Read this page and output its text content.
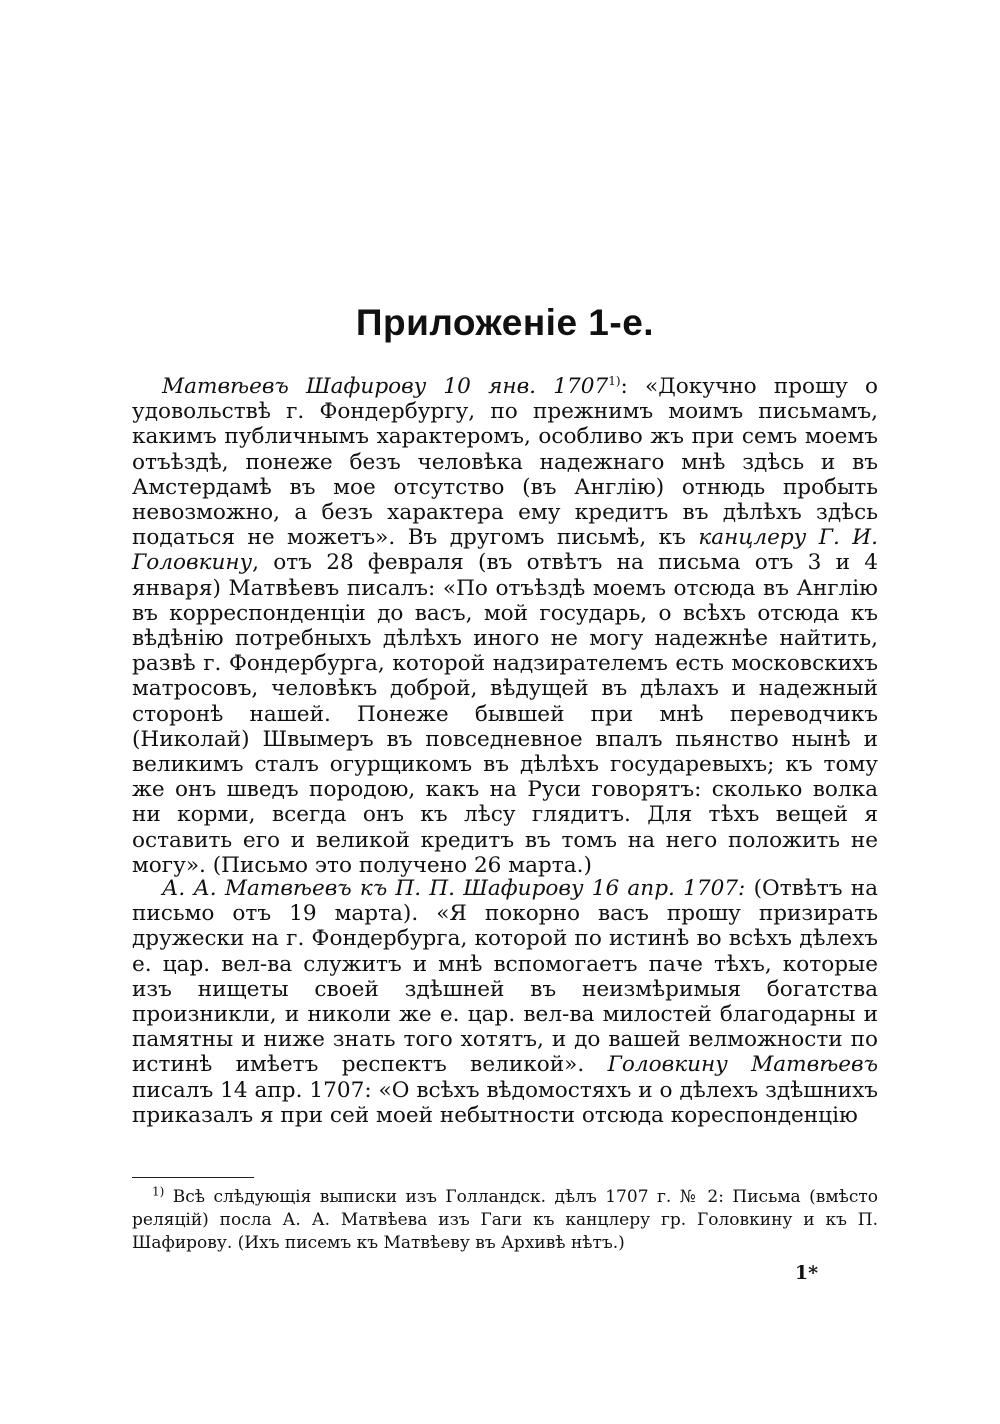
Приложеніе 1-е.
Матвѣевъ Шафирову 10 янв. 1707$^{1)}$: «Докучно прошу о удовольствѣ г. Фондербургу, по прежнимъ моимъ письмамъ, какимъ публичнымъ характеромъ, особливо жъ при семъ моемъ отъѣздѣ, понеже безъ человѣка надежнаго мнѣ здѣсь и въ Амстердамѣ въ мое отсутство (въ Англію) отнюдь пробыть невозможно, а безъ характера ему кредитъ въ дѣлѣхъ здѣсь податься не можетъ». Въ другомъ письмѣ, къ канцлеру Г. И. Головкину, отъ 28 февраля (въ отвѣтъ на письма отъ 3 и 4 января) Матвѣевъ писалъ: «По отъѣздѣ моемъ отсюда въ Англію въ корреспонденціи до васъ, мой государь, о всѣхъ отсюда къ вѣдѣнію потребныхъ дѣлѣхъ иного не могу надежнѣе найтить, развѣ г. Фондербурга, которой надзирателемъ есть московскихъ матросовъ, человѣкъ доброй, вѣдущей въ дѣлахъ и надежный сторонѣ нашей. Понеже бывшей при мнѣ переводчикъ (Николай) Швымеръ въ повседневное впалъ пьянство нынѣ и великимъ сталъ огурщикомъ въ дѣлѣхъ государевыхъ; къ тому же онъ шведъ породою, какъ на Руси говорятъ: сколько волка ни корми, всегда онъ къ лѣсу глядитъ. Для тѣхъ вещей я оставить его и великой кредитъ въ томъ на него положить не могу». (Письмо это получено 26 марта.)
А. А. Матвѣевъ къ П. П. Шафирову 16 апр. 1707: (Отвѣтъ на письмо отъ 19 марта). «Я покорно васъ прошу призирать дружески на г. Фондербурга, которой по истинѣ во всѣхъ дѣлехъ е. цар. вел-ва служитъ и мнѣ вспомогаетъ паче тѣхъ, которые изъ нищеты своей здѣшней въ неизмѣримыя богатства произникли, и николи же е. цар. вел-ва милостей благодарны и памятны и ниже знать того хотятъ, и до вашей велможности по истинѣ имѣетъ респектъ великой». Головкину Матвѣевъ писалъ 14 апр. 1707: «О всѣхъ вѣдомостяхъ и о дѣлехъ здѣшнихъ приказалъ я при сей моей небытности отсюда кореспонденцію
$^{1)}$ Всѣ слѣдующія выписки изъ Голландск. дѣлъ 1707 г. № 2: Письма (вмѣсто реляцій) посла А. А. Матвѣева изъ Гаги къ канцлеру гр. Головкину и къ П. Шафирову. (Ихъ писемъ къ Матвѣеву въ Архивѣ нѣтъ.)
1*
